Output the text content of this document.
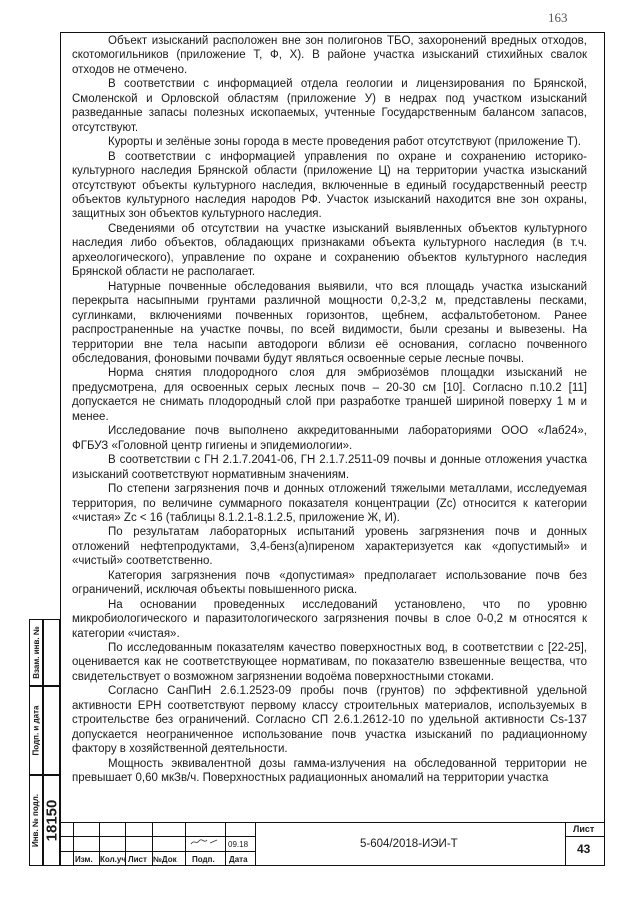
163

Объект изысканий расположен вне зон полигонов ТБО, захоронений вредных отходов, скотомогильников (приложение Т, Ф, Х). В районе участка изысканий стихийных свалок отходов не отмечено.

В соответствии с информацией отдела геологии и лицензирования по Брянской, Смоленской и Орловской областям (приложение У) в недрах под участком изысканий разведанные запасы полезных ископаемых, учтенные Государственным балансом запасов, отсутствуют.

Курорты и зелёные зоны города в месте проведения работ отсутствуют (приложение Т).

В соответствии с информацией управления по охране и сохранению историко-культурного наследия Брянской области (приложение Ц) на территории участка изысканий отсутствуют объекты культурного наследия, включенные в единый государственный реестр объектов культурного наследия народов РФ. Участок изысканий находится вне зон охраны, защитных зон объектов культурного наследия.

Сведениями об отсутствии на участке изысканий выявленных объектов культурного наследия либо объектов, обладающих признаками объекта культурного наследия (в т.ч. археологического), управление по охране и сохранению объектов культурного наследия Брянской области не располагает.

Натурные почвенные обследования выявили, что вся площадь участка изысканий перекрыта насыпными грунтами различной мощности 0,2-3,2 м, представлены песками, суглинками, включениями почвенных горизонтов, щебнем, асфальтобетоном. Ранее распространенные на участке почвы, по всей видимости, были срезаны и вывезены. На территории вне тела насыпи автодороги вблизи её основания, согласно почвенного обследования, фоновыми почвами будут являться освоенные серые лесные почвы.

Норма снятия плодородного слоя для эмбриозёмов площадки изысканий не предусмотрена, для освоенных серых лесных почв – 20-30 см [10]. Согласно п.10.2 [11] допускается не снимать плодородный слой при разработке траншей шириной поверху 1 м и менее.

Исследование почв выполнено аккредитованными лабораториями ООО «Лаб24», ФГБУЗ «Головной центр гигиены и эпидемиологии».

В соответствии с ГН 2.1.7.2041-06, ГН 2.1.7.2511-09 почвы и донные отложения участка изысканий соответствуют нормативным значениям.

По степени загрязнения почв и донных отложений тяжелыми металлами, исследуемая территория, по величине суммарного показателя концентрации (Zс) относится к категории «чистая» Zс < 16 (таблицы 8.1.2.1-8.1.2.5, приложение Ж, И).

По результатам лабораторных испытаний уровень загрязнения почв и донных отложений нефтепродуктами, 3,4-бенз(а)пиреном характеризуется как «допустимый» и «чистый» соответственно.

Категория загрязнения почв «допустимая» предполагает использование почв без ограничений, исключая объекты повышенного риска.

На основании проведенных исследований установлено, что по уровню микробиологического и паразитологического загрязнения почвы в слое 0-0,2 м относятся к категории «чистая».

По исследованным показателям качество поверхностных вод, в соответствии с [22-25], оценивается как не соответствующее нормативам, по показателю взвешенные вещества, что свидетельствует о возможном загрязнении водоёма поверхностными стоками.

Согласно СанПиН 2.6.1.2523-09 пробы почв (грунтов) по эффективной удельной активности ЕРН соответствуют первому классу строительных материалов, используемых в строительстве без ограничений. Согласно СП 2.6.1.2612-10 по удельной активности Cs-137 допускается неограниченное использование почв участка изысканий по радиационному фактору в хозяйственной деятельности.

Мощность эквивалентной дозы гамма-излучения на обследованной территории не превышает 0,60 мкЗв/ч. Поверхностных радиационных аномалий на территории участка

Взам. инв. №
Подп. и дата
Инв. № подл. 18150
09.18
Изм. Кол.уч Лист №Док Подп. Дата
5-604/2018-ИЭИ-Т
Лист
43
